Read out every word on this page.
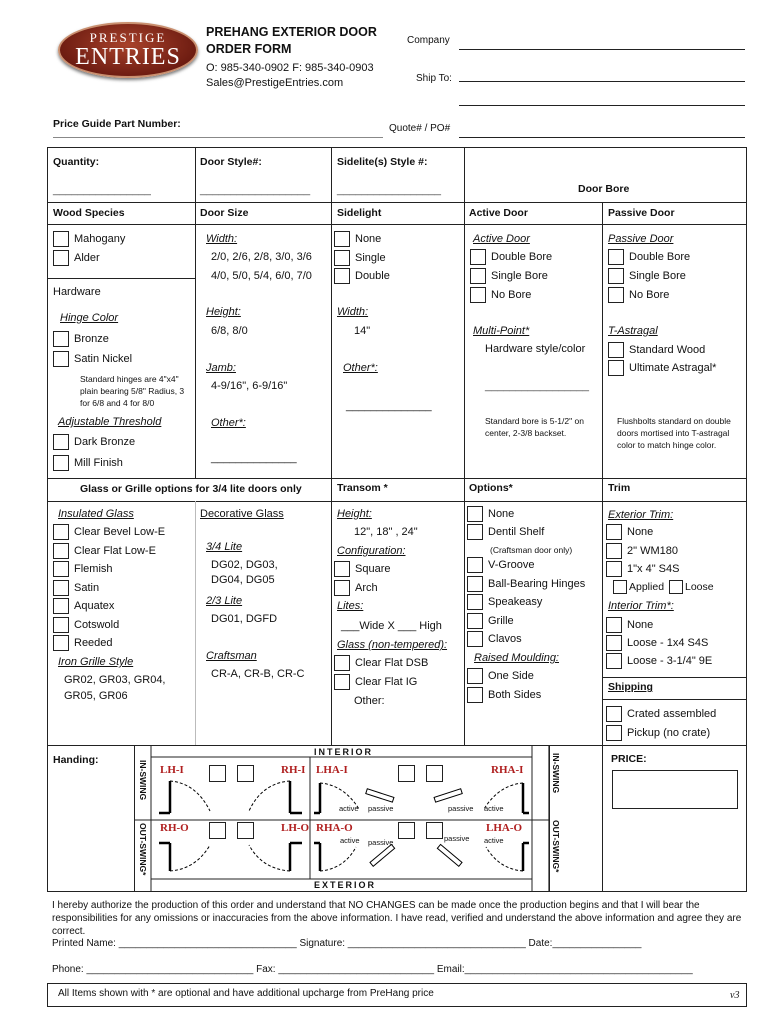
PRESTIGE
ENTRIES
PREHANG EXTERIOR DOOR
ORDER FORM
O: 985-340-0902 F: 985-340-0903
Sales@PrestigeEntries.com
Company
Ship To:
Price Guide Part Number:	Quote# / PO#
Quantity:
________________
Door Style#:
__________________
Sidelite(s) Style #:
_________________	Door Bore
Wood Species	Door Size	Sidelight	Active Door	Passive Door
Mahogany
Alder
Hardware
Hinge Color
Bronze
Satin Nickel
Standard hinges are 4"x4" plain bearing 5/8" Radius, 3 for 6/8 and 4 for 8/0
Adjustable Threshold
Dark Bronze
Mill Finish
Width:
2/0, 2/6, 2/8, 3/0, 3/6
4/0, 5/0, 5/4, 6/0, 7/0
Height:
6/8, 8/0
Jamb:
4-9/16", 6-9/16"
Other*:
______________
None
Single
Double
Width:
14"
Other*:
______________
Active Door
Double Bore
Single Bore
No Bore
Multi-Point*
Hardware style/color
_________________
Standard bore is 5-1/2" on center, 2-3/8 backset.
Passive Door
Double Bore
Single Bore
No Bore
T-Astragal
Standard Wood
Ultimate Astragal*
Flushbolts standard on double doors mortised into T-astragal color to match hinge color.
Glass or Grille options for 3/4 lite doors only	Transom *	Options*	Trim
Insulated Glass
Clear Bevel Low-E
Clear Flat Low-E
Flemish
Satin
Aquatex
Cotswold
Reeded
Iron Grille Style
GR02, GR03, GR04,
GR05, GR06
Decorative Glass
3/4 Lite
DG02, DG03,
DG04, DG05
2/3 Lite
DG01, DGFD
Craftsman
CR-A, CR-B, CR-C
Height:
12", 18" , 24"
Configuration:
Square
Arch
Lites:
___Wide X ___ High
Glass (non-tempered):
Clear Flat DSB
Clear Flat IG
Other:
None
Dentil Shelf
(Craftsman door only)
V-Groove
Ball-Bearing Hinges
Speakeasy
Grille
Clavos
Raised Moulding:
One Side
Both Sides
Exterior Trim:
None
2" WM180
1"x 4" S4S
Applied Loose
Interior Trim*:
None
Loose - 1x4 S4S
Loose - 3-1/4" 9E
Shipping
Crated assembled
Pickup (no crate)
Handing:	PRICE:
INTERIOR
EXTERIOR
IN-SWING	IN-SWING
OUT-SWING*	OUT-SWING*
LH-I	RH-I LHA-I	RHA-I
RH-O	LH-O RHA-O	LHA-O
active passive	passive active
active passive	passive active
I hereby authorize the production of this order and understand that NO CHANGES can be made once the production begins and that I will bear the responsibilities for any omissions or inaccuracies from the above information. I have read, verified and understand the above information and agree they are correct.
Printed Name: ________________________________ Signature: ________________________________ Date:________________
Phone: ______________________________ Fax: ____________________________ Email:_________________________________________
All Items shown with * are optional and have additional upcharge from PreHang price	v3
